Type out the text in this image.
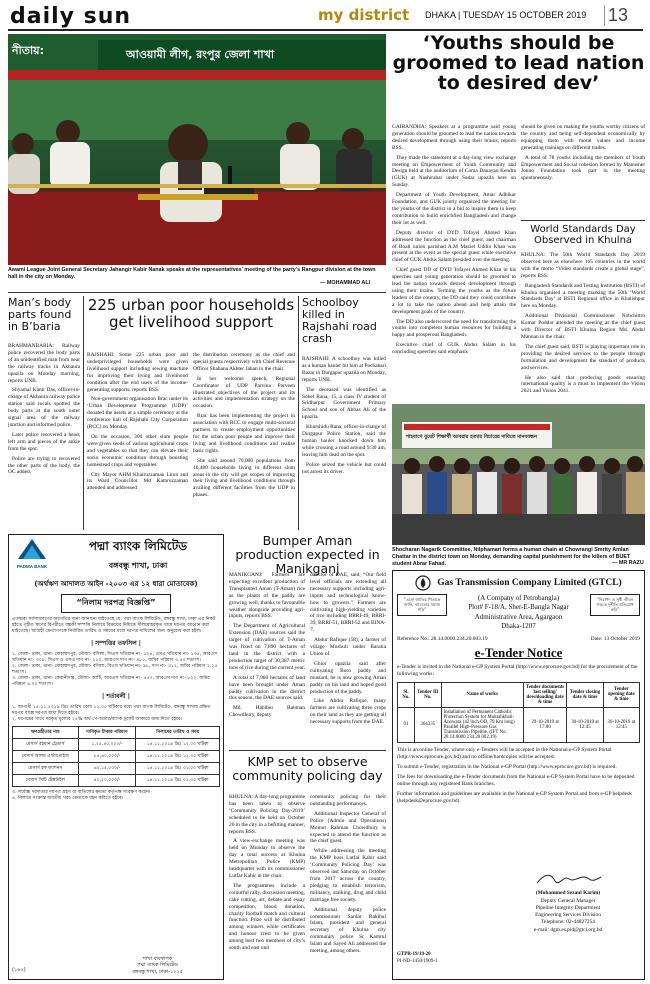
daily sun	my district DHAKA | TUESDAY 15 OCTOBER 2019 13
নীতায়:	আওয়ামী লীগ, রংপুর জেলা শাখা
Awami League Joint General Secretary Jahangir Kabir Nanak speaks at the representatives’ meeting of the party’s Rangpur division at the town hall in the city on Monday.
— MOHAMMAD ALI
‘Youths should be groomed to lead nation to desired dev’

GAIBANDHA: Speakers at a programme said young generation should be groomed to lead the nation towards desired development through using their brains, reports BSS.

They made the statement at a day-long view exchange meeting on Empowerment of Youth Community and Design held at the auditorium of Coma Danayan Kendra (GUK) at Nashirabar under Sadar upazila here on Sunday.

Department of Youth Development, Amar Adhikar Foundation, and GUK jointly organized the meeting for the youths of the district in a bid to inspire them in keep contribution to build enrichfied Bangladesh and change their lot as well.

Deputy director of DYD Tofayel Ahmed Khan addressed the function as the chief guest, and chairman of Boali union parishad A.M Maziel Uddin Khan was present at the event as the special guest while executive chief of GUK Abdus Salam presided over the meeting.

Chief guest DD of DYD Tofayel Ahmed Khan in his speeches said young generation should be groomed to lead the nation towards desired development through using their brains. Terming the youths as the future leaders of the country, the DD said they could contribute a lot to take the nation ahead and help attain the development goals of the country.

The DD also underscored the need for transforming the youths into competent human resources for building a happy and prosperous Bangladesh.

Executive chief of GUK Abdus Salam in his concluding speeches said emphasis

should be given on making the youths worthy citizens of the country and being self-dependent economically by equipping them with moral values and income generating trainings on different trades.

A total of 78 youths including the members of Youth Empowerment and Social cohesion formed by Manusher Jonno Foundation took part in the meeting spontaneously.

World Standards Day Observed in Khulna

KHULNA: The 50th World Standards Day 2019 observed here as elsewhere 165 countries in the world with the motto “Video standards create a global stage”, reports BSS.

Bangladesh Standards and Testing Institution (BSTI) of Khulna organised a meeting marking the 50th ‘World Standards Day’ at BSTI Regional office in Khalishpur here on Monday.

Additional Divisional Commissioner Nobchittro Kumar Poddar attended the meeting as the chief guest with Director of BSTI Khulna Region Md. Abdul Mannan in the chair.

The chief guest said, BSTI is playing important role in providing the desired services to the people through formulation and development the standard of products and services.

He also said that producing goods ensuring international quality is a must to implement the Vision 2021 and Vision 2041.

Man’s body parts found in B’baria

BRAHMANBARIA: Railway police recovered the body parts of an unidentified man from near the railway tracks in Akhaura upazila on Monday morning, reports UNB.

Shyamal Kanti Das, officer-in-charge of Akhaura railway police station said locals spotted the body parts at the south outer signal area of the railway junction and informed police.

Later police recovered a head, left arm and pieces of the ankle from the spot.

Police are trying to recovered the other parts of the body, the OC added.

225 urban poor households get livelihood support

RAJSHAHI: Some 225 urban poor and underprivileged households were given livelihood support including sewing machine for improving their living and livelihood condition after the end users of the income-generating supports, reports BSS.

Non-government organisation Brac under its ‘Urban Development Programme (UDP)’ donated the assets at a simple ceremony at the conference hall of Rajshahi City Corporation (RCC) on Monday.

On the occasion, 300 other slum people were given seeds of various agricultural crops and vegetables so that they can elevate their socio economic condition through boosting homestead crops and vegetables.

City Mayor AHM Khairuzzaman Liton and its Ward Councillor Md Kamruzzaman attended and addressed

the distribution ceremony as the chief and special guests respectively with Chief Revenue Officer Shahana Akhter Jahan in the chair.

In her welcome speech, Regional Coordinator of UDP Parvina Parveen illustrated objectives of the project and its activities and implementation strategy on the occasion.

Brac has been implementing the project in association with RCC to engage multi-sectoral partners to create employment opportunities for the urban poor people and improve their living and livelihood conditions and realise basic rights.

She said around 70,000 populations from 16,480 households living in different slum areas in the city will get scopes of improving their living and livelihood conditions through availing different facilities from the UDP in phases.

Schoolboy killed in Rajshahi road crash

RAJSHAHI: A schoolboy was killed as a human hauler hit him at Pochabari Bazar in Durgapur upazila on Monday, reports UNB.

The deceased was identified as Sohel Rana, 15, a class IV student of Sridharpur Government Primary School and son of Abbas Ali of the upazila.

Khurshidu Rana, officer-in-charge of Durgapur Police Station, said the human hauler knocked down him while crossing a road around 9:30 am, leaving him dead on the spot.

Police seized the vehicle but could not arrest its driver.

PADMA BANK
পদ্মা ব্যাংক লিমিটেড
বঙ্গবন্ধু শাখা, ঢাকা
(অর্থঋণ আদালত আইন -২০০৩ এর ১২ ধারা মোতাবেক)
“নিলাম দরপত্র বিজ্ঞপ্তি”
এতদ্বারা সর্বসাধারণের অবগতির জন্য জানানো যাইতেছে যে, পদ্মা ব্যাংক লিমিটেড, বঙ্গবন্ধু শাখা, ঢাকা এর নিকট হইতে গৃহীত ঋণের বিপরীতে বন্ধকী সম্পত্তি নিলামে বিক্রয়ের নিমিত্তে সীলমোহরকৃত খামে দরপত্র আহ্বান করা যাইতেছে। আগ্রহী ক্রেতাগণকে নির্ধারিত তারিখ ও সময়ের মধ্যে দরপত্র দাখিলের জন্য অনুরোধ করা হইল।
| সম্পত্তির তফসিল |
১. জেলা- ঢাকা, থানা- মোহাম্মদপুর, মৌজা- বসিলা, সিএস খতিয়ান নং- ১২৪, এসএ খতিয়ান নং- ১৩৫, আরএস খতিয়ান নং- ৩০৮, সিএস ও এসএ দাগ নং- ২১০, আরএস দাগ নং- ৪৮৫, জমির পরিমাণ ৩.৫০ শতাংশ।
২. জেলা- ঢাকা, থানা- মোহাম্মদপুর, মৌজা- বসিলা, বিএস খতিয়ান নং- ৯৮, দাগ নং- ৩১২, জমির পরিমাণ ২.২৫ শতাংশ।
৩. জেলা- ঢাকা, থানা- কেরানীগঞ্জ, মৌজা- আটি, আরএস খতিয়ান নং- ৫৫০, আরএস দাগ নং- ৮২২, জমির পরিমাণ ৪.০০ শতাংশ।
| শর্তাবলী |
১. আগামী ১৪.১১.২০১৯ খ্রিঃ তারিখ বেলা ১২.০০ ঘটিকার মধ্যে পদ্মা ব্যাংক লিমিটেড, বঙ্গবন্ধু শাখায় রক্ষিত দরপত্র বাক্সে দরপত্র জমা দিতে হইবে।
২. দরপত্রের সাথে দরকৃত মূল্যের ২৫% অর্থ পে-অর্ডার/ব্যাংক ড্রাফট আকারে জমা দিতে হইবে।
ঋণগ্রহীতার নাম	দাবিকৃত টাকার পরিমাণ	নিলামের তারিখ ও সময়
মেসার্স রহমান ট্রেডার্স	১,২৫,৪০,০০০/-	১৪.১১.২০১৯ খ্রিঃ ১২.০০ ঘটিকা
মেসার্স আলম এন্টারপ্রাইজ	৮৫,৬০,০০০/-	১৪.১১.২০১৯ খ্রিঃ ১২.৩০ ঘটিকা
মেসার্স হক ফ্যাশনস	৬২,১৫,০০০/-	১৪.১১.২০১৯ খ্রিঃ ০১.০০ ঘটিকা
মেসার্স সিটি টেক্সটাইল	৪০,২০,০০০/-	১৪.১১.২০১৯ খ্রিঃ ০১.৩০ ঘটিকা
৩. সর্বোচ্চ দরদাতার দরপত্র গ্রহণ বা বাতিলের ক্ষমতা কর্তৃপক্ষ সংরক্ষণ করেন।
৪. নিলামে সংক্রান্ত যাবতীয় খরচ ক্রেতাকে বহন করিতে হইবে।
(১৬২)
শাখা ব্যবস্থাপক
পদ্মা ব্যাংক লিমিটেড
বঙ্গবন্ধু শাখা, ঢাকা-১২১৫
Bumper Aman production expected in Manikganj

MANIKGANJ: Farmers are expecting excellent production of Transplanted Aman (T-Aman) rice as the plants of the paddy are growing well, thanks to favourable weather alongside providing agri-inputs, reports BSS.

The Department of Agricultural Extension (DAE) sources said the target of cultivation of T-Aman was fixed on 7,890 hectares of land in the district with a production target of 30,387 metric tons of rice during the current year.

A total of 7,960 hectares of land have been brought under Aman paddy cultivation in the district this season, the DAE sources said.

Md. Habibur Rahman Chowdhury, deputy

director of DAE, said, “Our field level officials are extending all necessary supports including agri-inputs and technological know-how to growers.” Farmers are cultivating high-yielding varieties of rice including BRRI-49, BRRI-39, BRRI-51, BRRI-52 and BINA-7.

Abdur Rafique (58), a farmer of village Moshuli under Baratia Union of

Ghior upazila said after cultivating Boro paddy and mustard, he is now growing Aman paddy on his land and hoped good production of the paddy.

Like Abdur Rafique, many farmers are cultivating three crops on their land as they are getting all necessary supports from the DAE.

KMP set to observe community policing day

KHULNA: A day-long programme has been taken to observe ‘Community Policing Day-2019’ scheduled to be held on October 26 in the city in a befitting manner, reports BSS.

A view-exchange meeting was held on Monday to observe the day a total success at Khulna Metropolitan Police (KMP) headquarter with its commissioner Lutfar Kabir in the chair.

The programmes include a colourful rally, discussion meeting, cake cutting, art, debate and essay competition, blood donation, charity football match and cultural function. Prize will be distributed among winners while certificates and honour crest to be given among best two members of city’s south and east unit

community policing for their outstanding performances.

Additional Inspector General of Police (Admin and Operations) Moinur Rahman Chowdhury is expected to attend the function as the chief guest.

While addressing the meeting the KMP boss Lutfal Kabir said ‘Community Policing Day’ was observed last Saturday on October from 2017 across the country, pledging to establish terrorism, militancy, stalking, drug and child marriage free society.

Additional deputy police commissioner Sardar Rakibul Islam, president and general secretary of Khulna city community police Sr Kamrul Islam and Sayed Ali addressed the meeting, among others.

শাহবাগে বুয়েট শিক্ষার্থী আবরার হত্যার বিচারের দাবিতে মানববন্ধন
Shocharan Nagarik Committee, Nilphamari forms a human chain at Chowrangi Smrity Amlan Chattar in the district town on Monday, demanding capital punishment for the killers of BUET student Abrar Fahad.	— MR RAZU
Gas Transmission Company Limited (GTCL)
“এসো জাতির পিতাকে জানি, ন্যায্যতার সমাজ গড়ি”
(A Company of Petrobangla)
Plot# F-18/A, Sher-E-Bangla Nagar
Administrative Area, Agargaon
Dhaka-1207
“নিরাপদ ও সুখী জীবন গড়তে দুর্নীতি প্রতিরোধ করি”
Reference No.: 28.14.0000.234.20.003.19	Date: 13 October 2019
e-Tender Notice
e-Tender is invited in the National e-GP System Portal (http://www.eprocure.gov.bd) for the procurement of the following works:
Sl. No.	Tender ID No.	Name of works	Tender documents last selling/ downloading date & time	Tender closing date & time	Tender opening date & time
01	364335	Installation of Permanent Cathodic Protection System for Muktahkhali-Anowara (42 inch OD, 79 Km long) Parallel High-Pressure Gas Transmission Pipeline. (IFT No. 28.14.0000.234.20.002.19)	29-10-2019 at 17:00	30-10-2019 at 12:45	30-10-2019 at 12:45

This is an online Tender, where only e-Tenders will be accepted in the National e-GP System Portal (http://www.eprocure.gov.bd) and no offline/hardcopies will be accepted.

To submit e-Tender, registration in the National e-GP Portal (http://www.eprocure.gov.bd) is required.

The fees for downloading the e-Tender documents from the National e-GP System Portal have to be deposited online through any registered Bank branches.

Further information and guidelines are available in the National e-GP System Portal and from e-GP helpdesk (helpdesk@eprocure.gov.bd).

(Mohammed Sezaul Karim)
Deputy General Manager
Pipeline Integrity Department
Engineering Services Division
Telephone: 02-44827254
e-mail: dgm.es.pid@gtcl.org.bd
GTPR-19/19-20
PI-ND-1450/1909-1
